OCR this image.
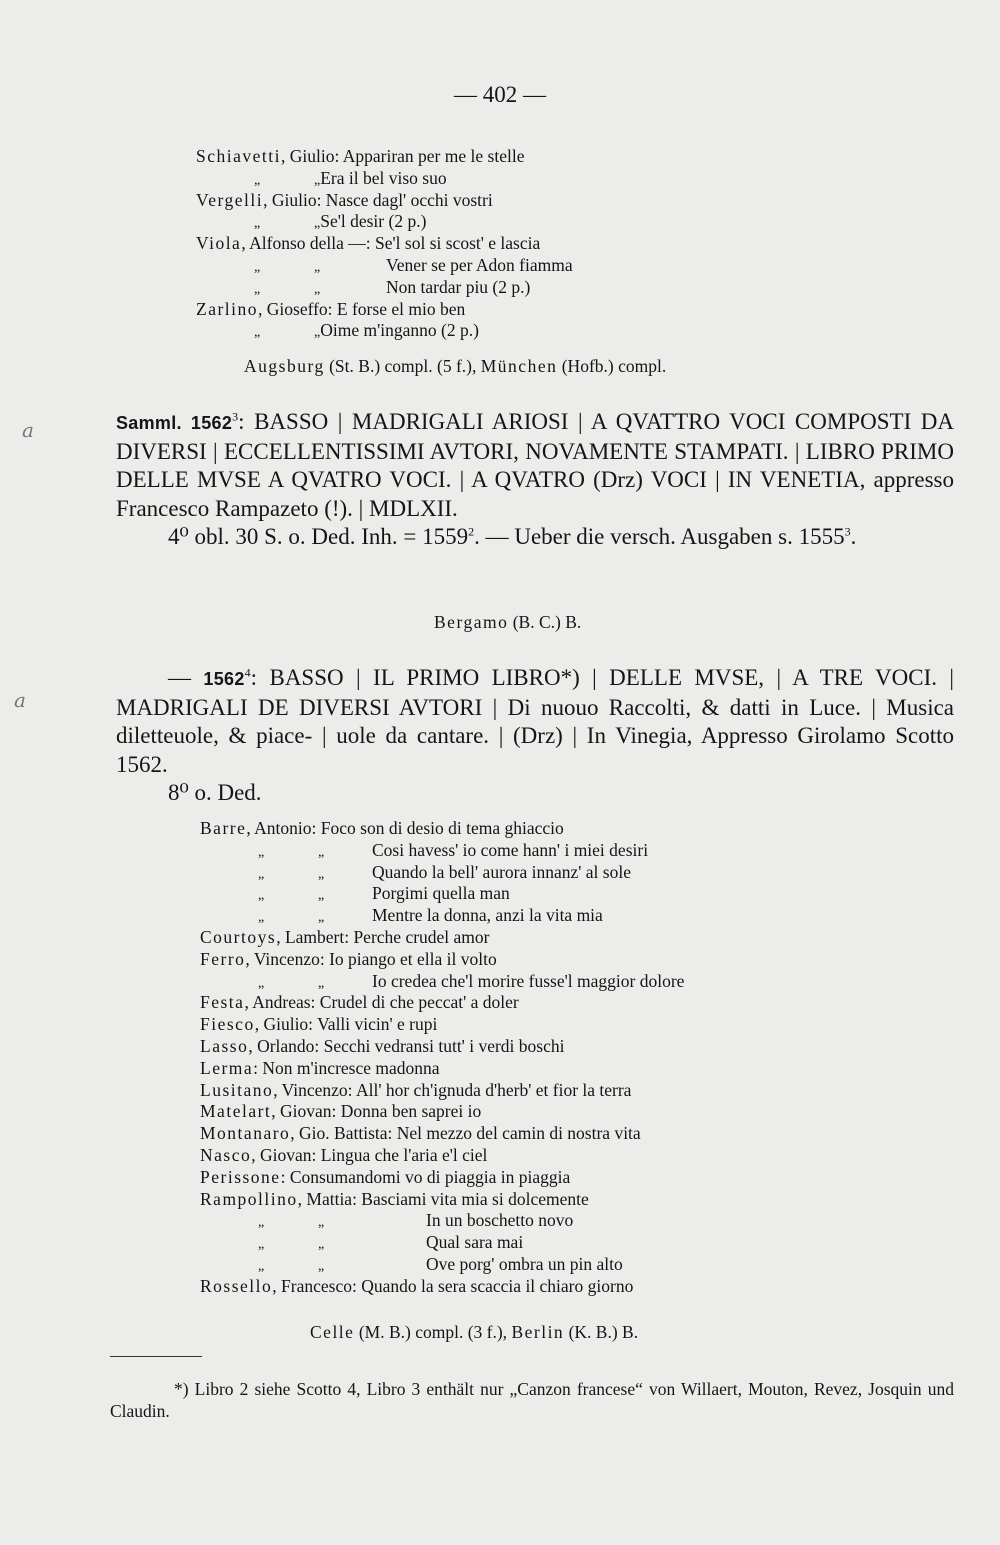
— 402 —
Schiavetti, Giulio: Appariran per me le stelle
„	„Era il bel viso suo
Vergelli, Giulio: Nasce dagl' occhi vostri
„	„Se'l desir (2 p.)
Viola, Alfonso della —: Se'l sol si scost' e lascia
„	„	Vener se per Adon fiamma
„	„	Non tardar piu (2 p.)
Zarlino, Gioseffo: E forse el mio ben
„	„Oime m'inganno (2 p.)
Augsburg (St. B.) compl. (5 f.), München (Hofb.) compl.
a	Samml. 1562$^3$: BASSO | MADRIGALI ARIOSI | A QVATTRO VOCI COMPOSTI DA DIVERSI | ECCELLENTISSIMI AVTORI, NOVAMENTE STAMPATI. | LIBRO PRIMO DELLE MVSE A QVATRO VOCI. | A QVATRO (Drz) VOCI | IN VENETIA, appresso Francesco Rampazeto (!). | MDLXII.
4⁰ obl. 30 S. o. Ded. Inh. = $1559^2$. — Ueber die versch. Ausgaben s. 1555$^3$.
Bergamo (B. C.) B.
a
— 1562$^4$: BASSO | IL PRIMO LIBRO*) | DELLE MVSE, | A TRE VOCI. | MADRIGALI DE DIVERSI AVTORI | Di nuouo Raccolti, & datti in Luce. | Musica diletteuole, & piace- | uole da cantare. | (Drz) | In Vinegia, Appresso Girolamo Scotto 1562.
8⁰ o. Ded.
Barre, Antonio: Foco son di desio di tema ghiaccio
„	„	Cosi havess' io come hann' i miei desiri
„	„	Quando la bell' aurora innanz' al sole
„	„	Porgimi quella man
„	„	Mentre la donna, anzi la vita mia
Courtoys, Lambert: Perche crudel amor
Ferro, Vincenzo: Io piango et ella il volto
„	„	Io credea che'l morire fusse'l maggior dolore
Festa, Andreas: Crudel di che peccat' a doler
Fiesco, Giulio: Valli vicin' e rupi
Lasso, Orlando: Secchi vedransi tutt' i verdi boschi
Lerma: Non m'increscе madonna
Lusitano, Vincenzo: All' hor ch'ignuda d'herb' et fior la terra
Matelart, Giovan: Donna ben saprei io
Montanaro, Gio. Battista: Nel mezzo del camin di nostra vita
Nasco, Giovan: Lingua che l'aria e'l ciel
Perissone: Consumandomi vo di piaggia in piaggia
Rampollino, Mattia: Basciami vita mia si dolcemente
„	„	In un boschetto novo
„	„	Qual sara mai
„	„	Ove porg' ombra un pin alto
Rossello, Francesco: Quando la sera scaccia il chiaro giorno
Celle (M. B.) compl. (3 f.), Berlin (K. B.) B.
*) Libro 2 siehe Scotto 4, Libro 3 enthält nur „Canzon francese“ von Willaert, Mouton, Revez, Josquin und Claudin.
